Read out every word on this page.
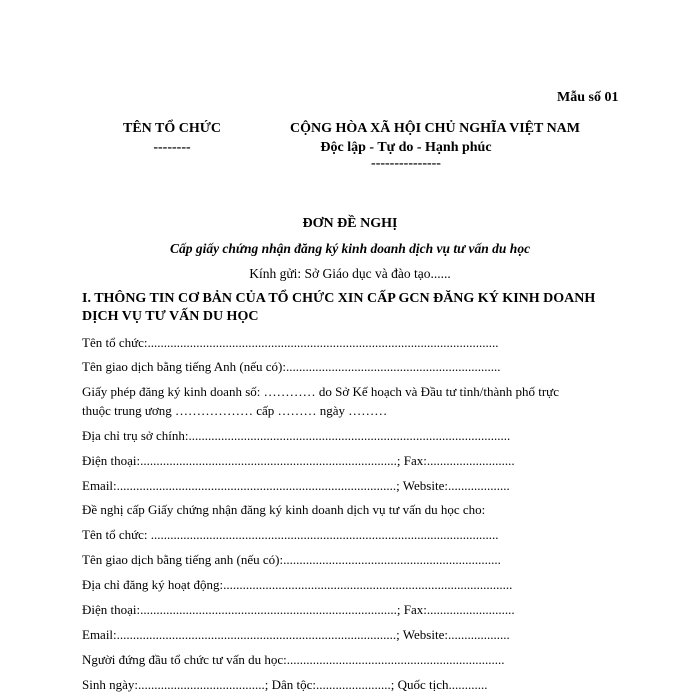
Mẫu số 01
TÊN TỔ CHỨC
--------
CỘNG HÒA XÃ HỘI CHỦ NGHĨA VIỆT NAM
Độc lập - Tự do - Hạnh phúc
---------------
ĐƠN ĐỀ NGHỊ
Cấp giấy chứng nhận đăng ký kinh doanh dịch vụ tư vấn du học
Kính gửi: Sở Giáo dục và đào tạo......
I. THÔNG TIN CƠ BẢN CỦA TỔ CHỨC XIN CẤP GCN ĐĂNG KÝ KINH DOANH
DỊCH VỤ TƯ VẤN DU HỌC
Tên tổ chức:............................................................................................................
Tên giao dịch bằng tiếng Anh (nếu có):..................................................................
Giấy phép đăng ký kinh doanh số: ………… do Sở Kế hoạch và Đầu tư tỉnh/thành phố trực
thuộc trung ương ……………… cấp ……… ngày ………
Địa chỉ trụ sở chính:...................................................................................................
Điện thoại:...............................................................................; Fax:...........................
Email:......................................................................................; Website:...................
Đề nghị cấp Giấy chứng nhận đăng ký kinh doanh dịch vụ tư vấn du học cho:
Tên tổ chức: ...........................................................................................................
Tên giao dịch bằng tiếng anh (nếu có):...................................................................
Địa chỉ đăng ký hoạt động:.........................................................................................
Điện thoại:...............................................................................; Fax:...........................
Email:......................................................................................; Website:...................
Người đứng đầu tổ chức tư vấn du học:...................................................................
Sinh ngày:.......................................; Dân tộc:.......................; Quốc tịch............
